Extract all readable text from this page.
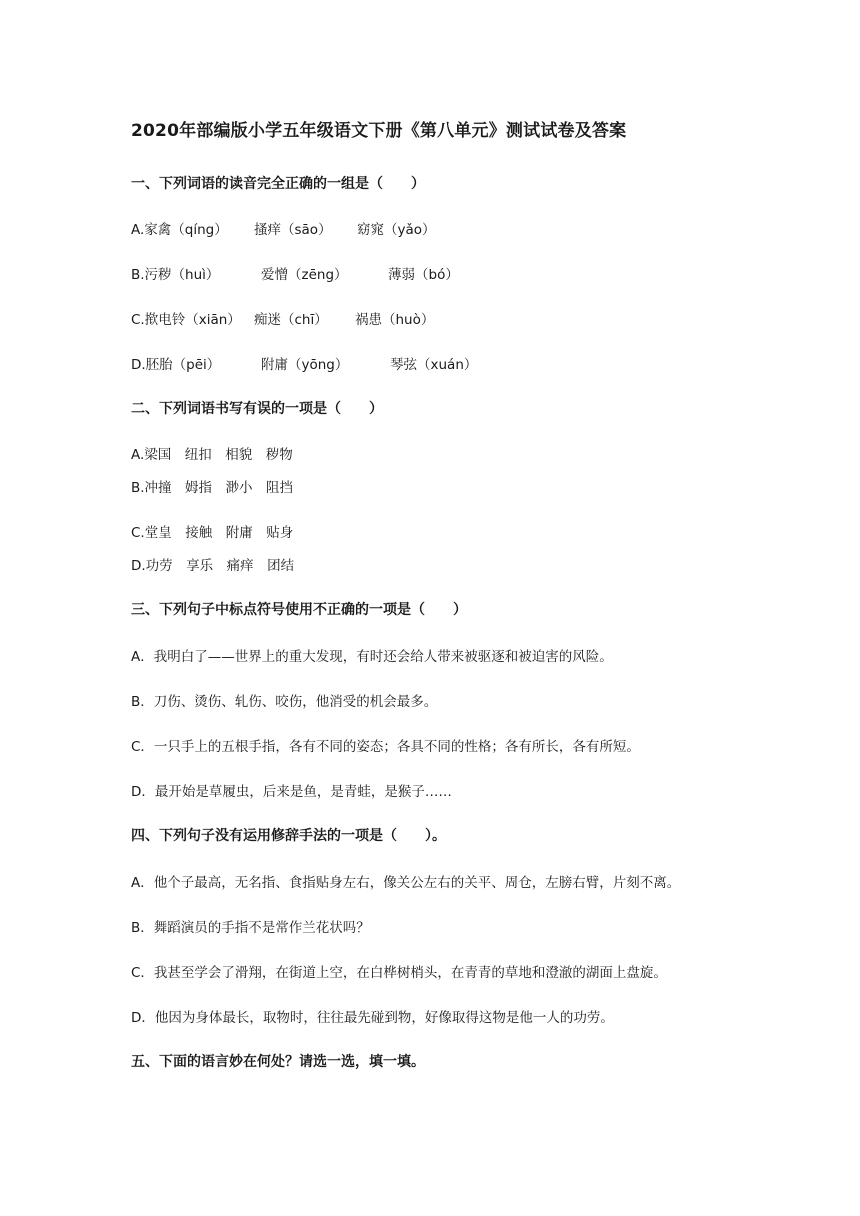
2020年部编版小学五年级语文下册《第八单元》测试试卷及答案
一、下列词语的读音完全正确的一组是（　　）
A.家禽（qíng） 搔痒（sāo） 窈窕（yǎo）
B.污秽（huì）	爱憎（zēng）	薄弱（bó）
C.揿电铃（xiān） 痴迷（chī） 祸患（huò）
D.胚胎（pēi）	附庸（yōng）	琴弦（xuán）
二、下列词语书写有误的一项是（　　）
A.梁国　纽扣　相貌　秽物
B.冲撞　姆指　渺小　阻挡
C.堂皇　接触　附庸　贴身
D.功劳　享乐　痛痒　团结
三、下列句子中标点符号使用不正确的一项是（　　）
A．我明白了——世界上的重大发现，有时还会给人带来被驱逐和被迫害的风险。
B．刀伤、烫伤、轧伤、咬伤，他消受的机会最多。
C．一只手上的五根手指，各有不同的姿态；各具不同的性格；各有所长，各有所短。
D．最开始是草履虫，后来是鱼，是青蛙，是猴子……
四、下列句子没有运用修辞手法的一项是（　　）。
A．他个子最高，无名指、食指贴身左右，像关公左右的关平、周仓，左膀右臂，片刻不离。
B．舞蹈演员的手指不是常作兰花状吗？
C．我甚至学会了滑翔，在街道上空，在白桦树梢头，在青青的草地和澄澈的湖面上盘旋。
D．他因为身体最长，取物时，往往最先碰到物，好像取得这物是他一人的功劳。
五、下面的语言妙在何处？请选一选，填一填。
